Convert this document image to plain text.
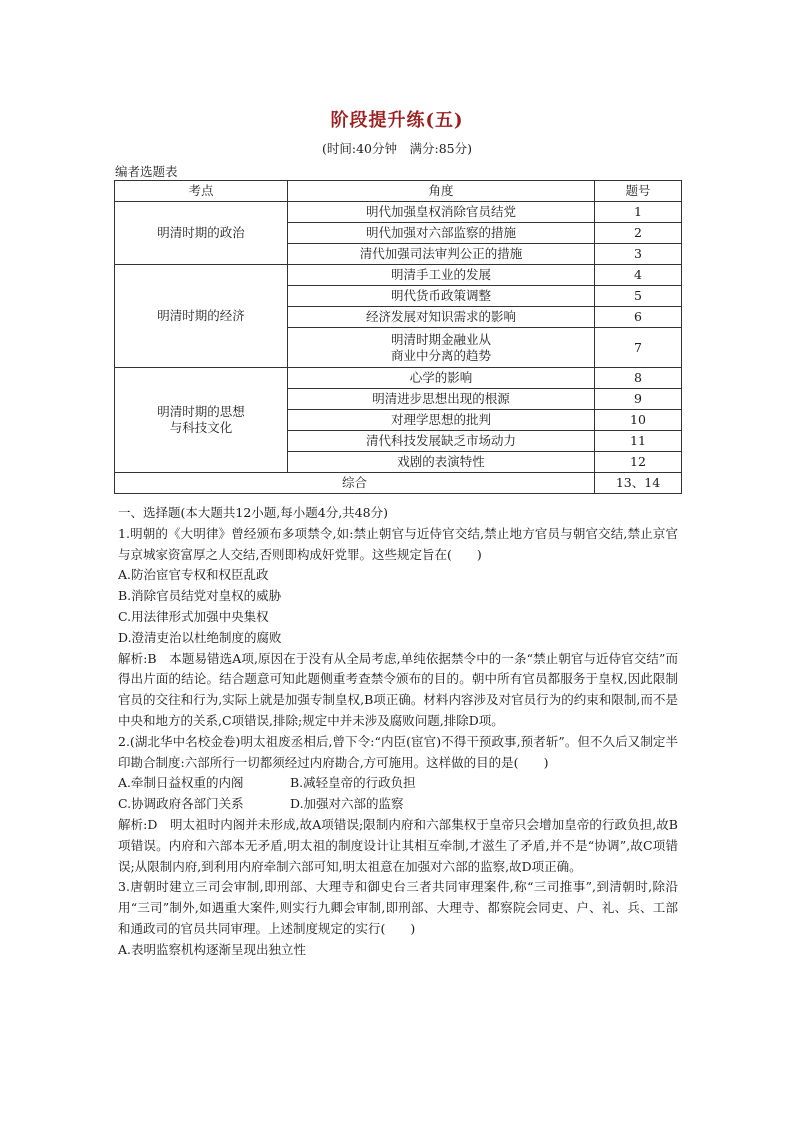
阶段提升练(五)
(时间:40分钟　满分:85分)
编者选题表
考点	角度	题号
明清时期的政治	明代加强皇权消除官员结党	1
	明代加强对六部监察的措施	2
	清代加强司法审判公正的措施	3
明清时期的经济	明清手工业的发展	4
	明代货币政策调整	5
	经济发展对知识需求的影响	6
	明清时期金融业从
商业中分离的趋势	7
明清时期的思想
与科技文化	心学的影响	8
	明清进步思想出现的根源	9
	对理学思想的批判	10
	清代科技发展缺乏市场动力	11
	戏剧的表演特性	12
综合		13、14

一、选择题(本大题共12小题,每小题4分,共48分)

1.明朝的《大明律》曾经颁布多项禁令,如:禁止朝官与近侍官交结,禁止地方官员与朝官交结,禁止京官与京城家资富厚之人交结,否则即构成奸党罪。这些规定旨在(　　)

A.防治宦官专权和权臣乱政

B.消除官员结党对皇权的威胁

C.用法律形式加强中央集权

D.澄清吏治以杜绝制度的腐败

解析:B　本题易错选A项,原因在于没有从全局考虑,单纯依据禁令中的一条“禁止朝官与近侍官交结”而得出片面的结论。结合题意可知此题侧重考查禁令颁布的目的。朝中所有官员都服务于皇权,因此限制官员的交往和行为,实际上就是加强专制皇权,B项正确。材料内容涉及对官员行为的约束和限制,而不是中央和地方的关系,C项错误,排除;规定中并未涉及腐败问题,排除D项。

2.(湖北华中名校金卷)明太祖废丞相后,曾下令:“内臣(宦官)不得干预政事,预者斩”。但不久后又制定半印勘合制度:六部所行一切都须经过内府勘合,方可施用。这样做的目的是(　　)

A.牵制日益权重的内阁	B.减轻皇帝的行政负担
C.协调政府各部门关系	D.加强对六部的监察

解析:D　明太祖时内阁并未形成,故A项错误;限制内府和六部集权于皇帝只会增加皇帝的行政负担,故B项错误。内府和六部本无矛盾,明太祖的制度设计让其相互牵制,才滋生了矛盾,并不是“协调”,故C项错误;从限制内府,到利用内府牵制六部可知,明太祖意在加强对六部的监察,故D项正确。

3.唐朝时建立三司会审制,即刑部、大理寺和御史台三者共同审理案件,称“三司推事”,到清朝时,除沿用“三司”制外,如遇重大案件,则实行九卿会审制,即刑部、大理寺、都察院会同吏、户、礼、兵、工部和通政司的官员共同审理。上述制度规定的实行(　　)

A.表明监察机构逐渐呈现出独立性
